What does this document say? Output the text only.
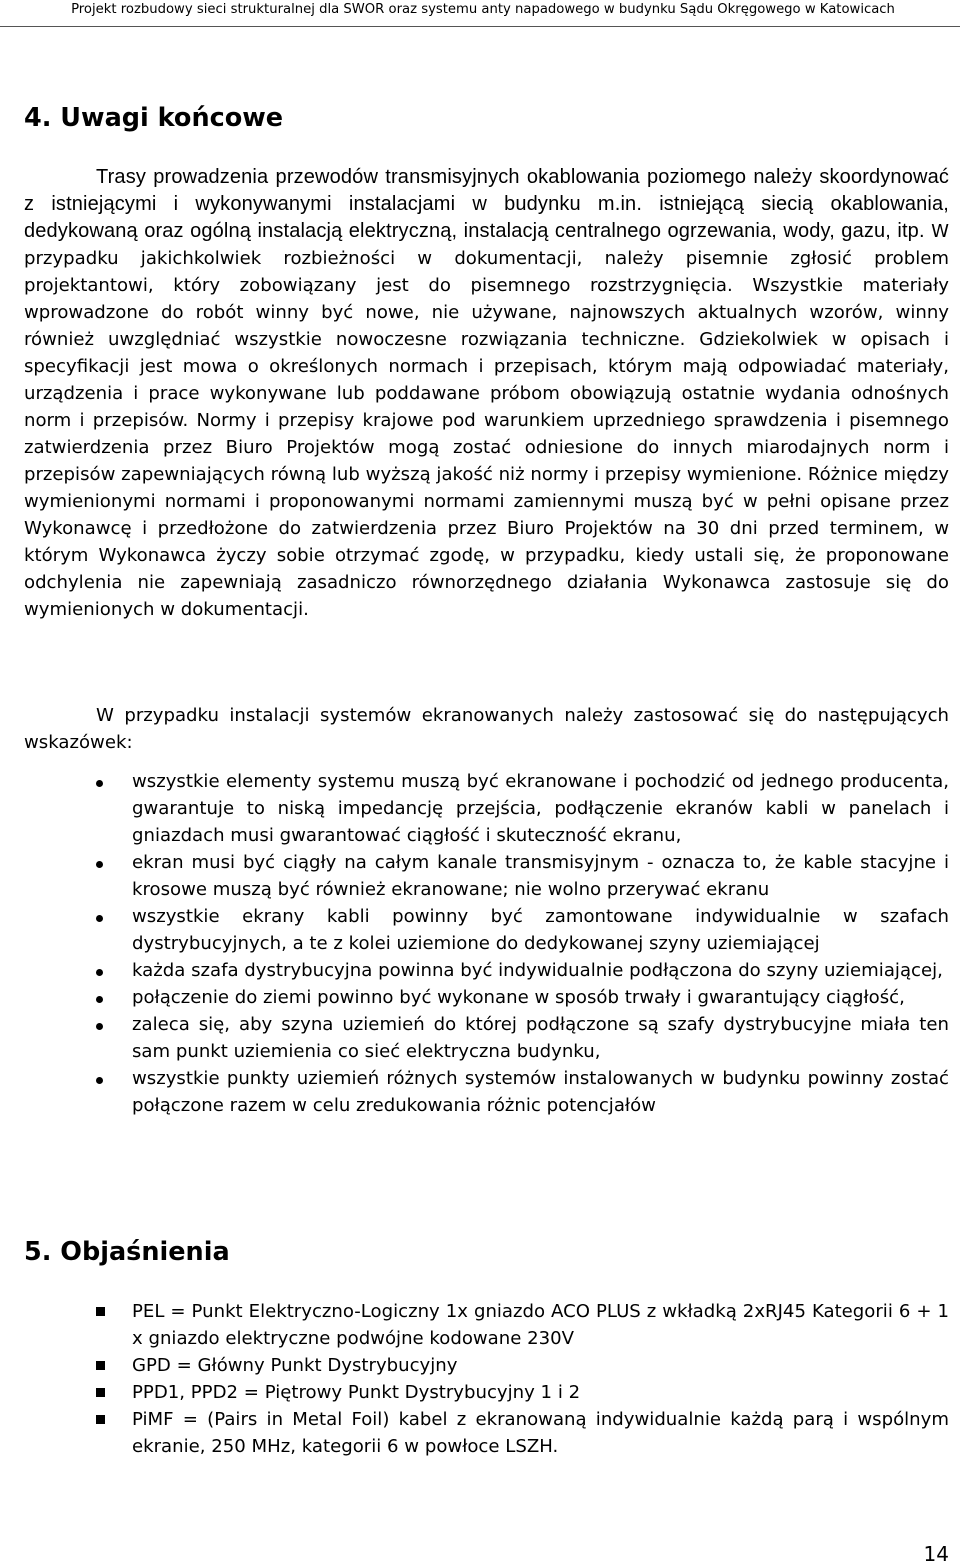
Projekt rozbudowy sieci strukturalnej dla SWOR oraz systemu anty napadowego w budynku Sądu Okręgowego w Katowicach
4. Uwagi końcowe

Trasy prowadzenia przewodów transmisyjnych okablowania poziomego należy skoordynować z istniejącymi i wykonywanymi instalacjami w budynku m.in. istniejącą siecią okablowania, dedykowaną oraz ogólną instalacją elektryczną, instalacją centralnego ogrzewania, wody, gazu, itp. W przypadku jakichkolwiek rozbieżności w dokumentacji, należy pisemnie zgłosić problem projektantowi, który zobowiązany jest do pisemnego rozstrzygnięcia. Wszystkie materiały wprowadzone do robót winny być nowe, nie używane, najnowszych aktualnych wzorów, winny również uwzględniać wszystkie nowoczesne rozwiązania techniczne. Gdziekolwiek w opisach i specyfikacji jest mowa o określonych normach i przepisach, którym mają odpowiadać materiały, urządzenia i prace wykonywane lub poddawane próbom obowiązują ostatnie wydania odnośnych norm i przepisów. Normy i przepisy krajowe pod warunkiem uprzedniego sprawdzenia i pisemnego zatwierdzenia przez Biuro Projektów mogą zostać odniesione do innych miarodajnych norm i przepisów zapewniających równą lub wyższą jakość niż normy i przepisy wymienione. Różnice między wymienionymi normami i proponowanymi normami zamiennymi muszą być w pełni opisane przez Wykonawcę i przedłożone do zatwierdzenia przez Biuro Projektów na 30 dni przed terminem, w którym Wykonawca życzy sobie otrzymać zgodę, w przypadku, kiedy ustali się, że proponowane odchylenia nie zapewniają zasadniczo równorzędnego działania Wykonawca zastosuje się do wymienionych w dokumentacji.

W przypadku instalacji systemów ekranowanych należy zastosować się do następujących wskazówek:

wszystkie elementy systemu muszą być ekranowane i pochodzić od jednego producenta, gwarantuje to niską impedancję przejścia, podłączenie ekranów kabli w panelach i gniazdach musi gwarantować ciągłość i skuteczność ekranu,
ekran musi być ciągły na całym kanale transmisyjnym - oznacza to, że kable stacyjne i krosowe muszą być również ekranowane; nie wolno przerywać ekranu
wszystkie ekrany kabli powinny być zamontowane indywidualnie w szafach dystrybucyjnych, a te z kolei uziemione do dedykowanej szyny uziemiającej
każda szafa dystrybucyjna powinna być indywidualnie podłączona do szyny uziemiającej,
połączenie do ziemi powinno być wykonane w sposób trwały i gwarantujący ciągłość,
zaleca się, aby szyna uziemień do której podłączone są szafy dystrybucyjne miała ten sam punkt uziemienia co sieć elektryczna budynku,
wszystkie punkty uziemień różnych systemów instalowanych w budynku powinny zostać połączone razem w celu zredukowania różnic potencjałów
5. Objaśnienia
PEL = Punkt Elektryczno-Logiczny 1x gniazdo ACO PLUS z wkładką 2xRJ45 Kategorii 6 + 1 x gniazdo elektryczne podwójne kodowane 230V
GPD = Główny Punkt Dystrybucyjny
PPD1, PPD2 = Piętrowy Punkt Dystrybucyjny 1 i 2
PiMF = (Pairs in Metal Foil) kabel z ekranowaną indywidualnie każdą parą i wspólnym ekranie, 250 MHz, kategorii 6 w powłoce LSZH.
14
